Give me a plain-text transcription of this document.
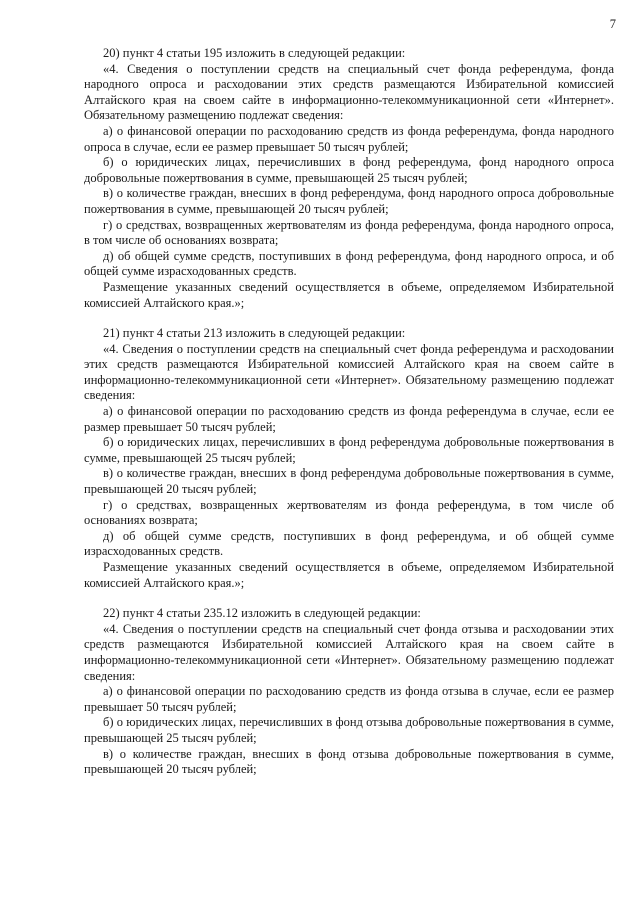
7

20) пункт 4 статьи 195 изложить в следующей редакции:

«4. Сведения о поступлении средств на специальный счет фонда референдума, фонда народного опроса и расходовании этих средств размещаются Избирательной комиссией Алтайского края на своем сайте в информационно-телекоммуникационной сети «Интернет». Обязательному размещению подлежат сведения:

а) о финансовой операции по расходованию средств из фонда референдума, фонда народного опроса в случае, если ее размер превышает 50 тысяч рублей;

б) о юридических лицах, перечисливших в фонд референдума, фонд народного опроса добровольные пожертвования в сумме, превышающей 25 тысяч рублей;

в) о количестве граждан, внесших в фонд референдума, фонд народного опроса добровольные пожертвования в сумме, превышающей 20 тысяч рублей;

г) о средствах, возвращенных жертвователям из фонда референдума, фонда народного опроса, в том числе об основаниях возврата;

д) об общей сумме средств, поступивших в фонд референдума, фонд народного опроса, и об общей сумме израсходованных средств.

Размещение указанных сведений осуществляется в объеме, определяемом Избирательной комиссией Алтайского края.»;

21) пункт 4 статьи 213 изложить в следующей редакции:

«4. Сведения о поступлении средств на специальный счет фонда референдума и расходовании этих средств размещаются Избирательной комиссией Алтайского края на своем сайте в информационно-телекоммуникационной сети «Интернет». Обязательному размещению подлежат сведения:

а) о финансовой операции по расходованию средств из фонда референдума в случае, если ее размер превышает 50 тысяч рублей;

б) о юридических лицах, перечисливших в фонд референдума добровольные пожертвования в сумме, превышающей 25 тысяч рублей;

в) о количестве граждан, внесших в фонд референдума добровольные пожертвования в сумме, превышающей 20 тысяч рублей;

г) о средствах, возвращенных жертвователям из фонда референдума, в том числе об основаниях возврата;

д) об общей сумме средств, поступивших в фонд референдума, и об общей сумме израсходованных средств.

Размещение указанных сведений осуществляется в объеме, определяемом Избирательной комиссией Алтайского края.»;

22) пункт 4 статьи 235.12 изложить в следующей редакции:

«4. Сведения о поступлении средств на специальный счет фонда отзыва и расходовании этих средств размещаются Избирательной комиссией Алтайского края на своем сайте в информационно-телекоммуникационной сети «Интернет». Обязательному размещению подлежат сведения:

а) о финансовой операции по расходованию средств из фонда отзыва в случае, если ее размер превышает 50 тысяч рублей;

б) о юридических лицах, перечисливших в фонд отзыва добровольные пожертвования в сумме, превышающей 25 тысяч рублей;

в) о количестве граждан, внесших в фонд отзыва добровольные пожертвования в сумме, превышающей 20 тысяч рублей;
